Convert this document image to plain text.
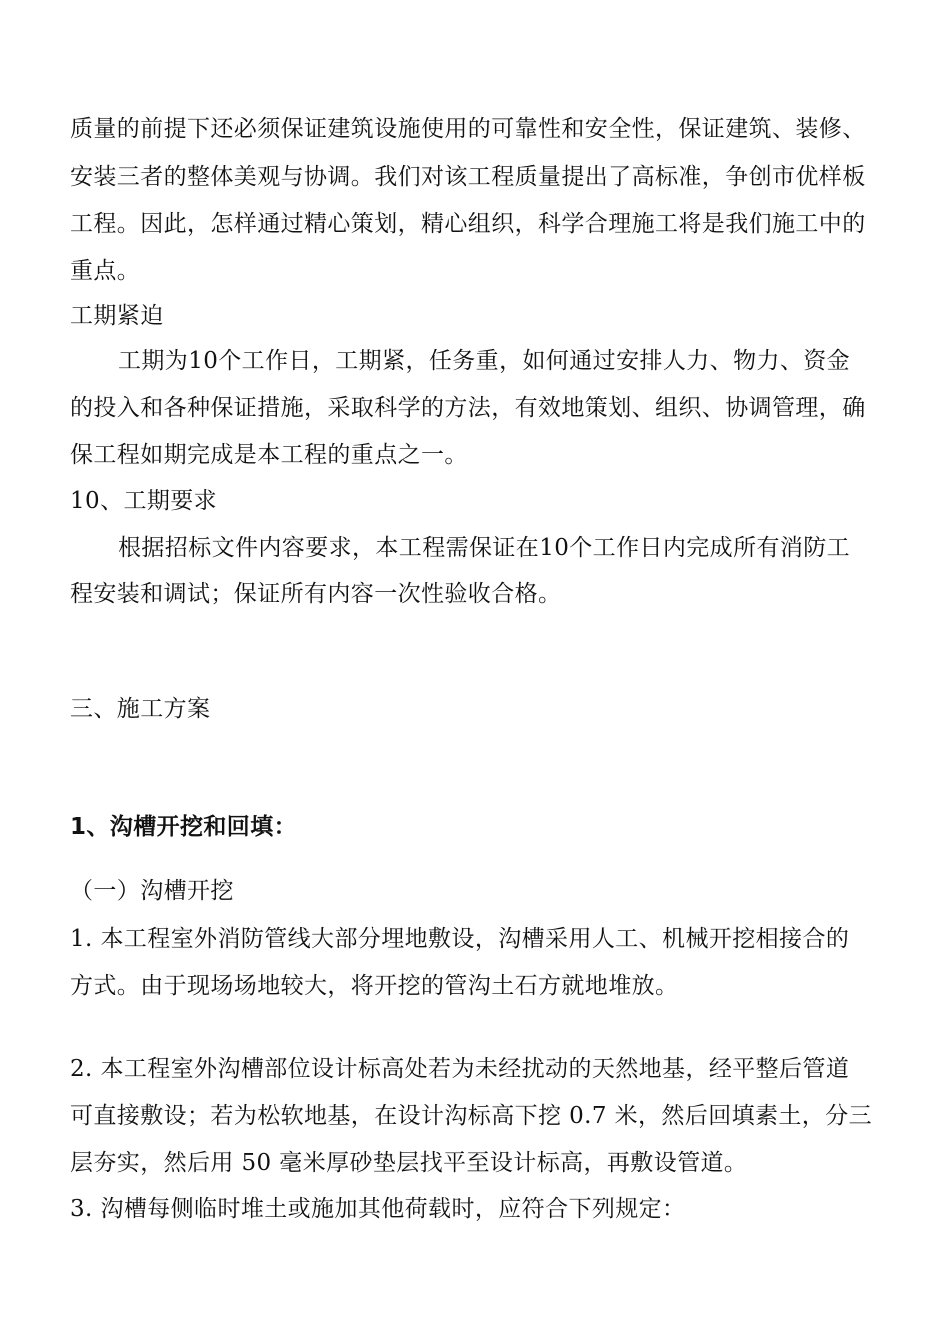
质量的前提下还必须保证建筑设施使用的可靠性和安全性，保证建筑、装修、
安装三者的整体美观与协调。我们对该工程质量提出了高标准，争创市优样板
工程。因此，怎样通过精心策划，精心组织，科学合理施工将是我们施工中的
重点。
工期紧迫
工期为10个工作日，工期紧，任务重，如何通过安排人力、物力、资金
的投入和各种保证措施，采取科学的方法，有效地策划、组织、协调管理，确
保工程如期完成是本工程的重点之一。
10、工期要求
根据招标文件内容要求，本工程需保证在10个工作日内完成所有消防工
程安装和调试；保证所有内容一次性验收合格。
三、施工方案
1、沟槽开挖和回填：
（一）沟槽开挖
1. 本工程室外消防管线大部分埋地敷设，沟槽采用人工、机械开挖相接合的
方式。由于现场场地较大，将开挖的管沟土石方就地堆放。
2. 本工程室外沟槽部位设计标高处若为未经扰动的天然地基，经平整后管道
可直接敷设；若为松软地基，在设计沟标高下挖 0.7 米，然后回填素土，分三
层夯实，然后用 50 毫米厚砂垫层找平至设计标高，再敷设管道。
3. 沟槽每侧临时堆土或施加其他荷载时，应符合下列规定：
